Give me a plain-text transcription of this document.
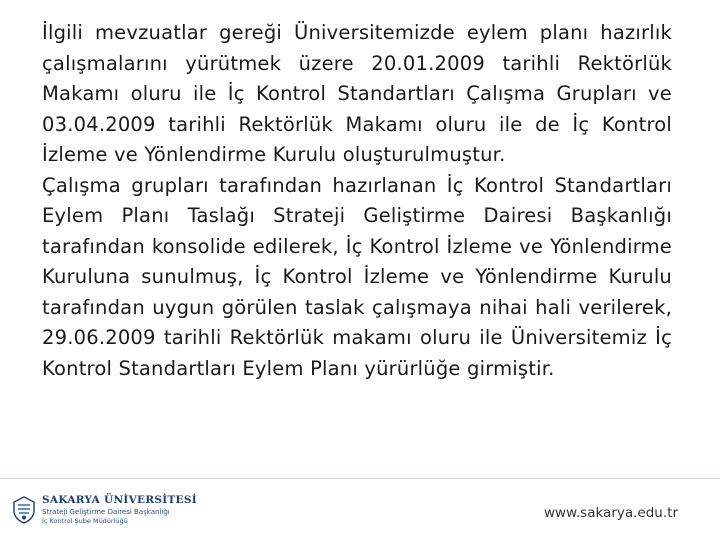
İlgili mevzuatlar gereği Üniversitemizde eylem planı hazırlık çalışmalarını yürütmek üzere 20.01.2009 tarihli Rektörlük Makamı oluru ile İç Kontrol Standartları Çalışma Grupları ve 03.04.2009 tarihli Rektörlük Makamı oluru ile de İç Kontrol İzleme ve Yönlendirme Kurulu oluşturulmuştur.

Çalışma grupları tarafından hazırlanan İç Kontrol Standartları Eylem Planı Taslağı Strateji Geliştirme Dairesi Başkanlığı tarafından konsolide edilerek, İç Kontrol İzleme ve Yönlendirme Kuruluna sunulmuş, İç Kontrol İzleme ve Yönlendirme Kurulu tarafından uygun görülen taslak çalışmaya nihai hali verilerek, 29.06.2009 tarihli Rektörlük makamı oluru ile Üniversitemiz İç Kontrol Standartları Eylem Planı yürürlüğe girmiştir.

SAKARYA ÜNİVERSİTESİ
Strateji Geliştirme Dairesi Başkanlığı
İç Kontrol Şube Müdürlüğü	www.sakarya.edu.tr
